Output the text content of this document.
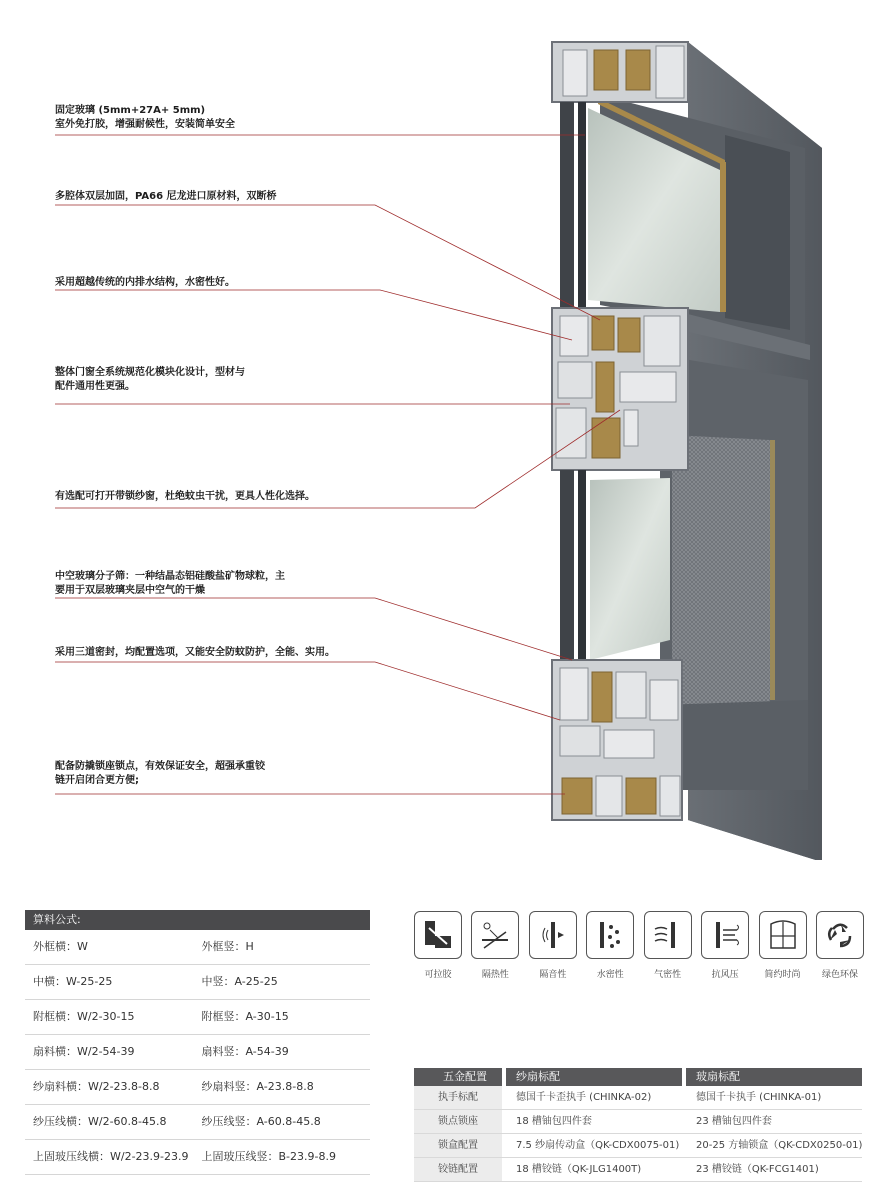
固定玻璃 (5mm+27A+ 5mm)
室外免打胶，增强耐候性，安装简单安全
多腔体双层加固，PA66 尼龙进口原材料，双断桥
采用超越传统的内排水结构，水密性好。
整体门窗全系统规范化模块化设计，型材与
配件通用性更强。
有选配可打开带锁纱窗，杜绝蚊虫干扰，更具人性化选择。
中空玻璃分子筛：一种结晶态铝硅酸盐矿物球粒，主
要用于双层玻璃夹层中空气的干燥
采用三道密封，均配置选项，又能安全防蚊防护，全能、实用。
配备防撬锁座锁点，有效保证安全，超强承重铰
链开启闭合更方便;
算料公式:
外框横：W	外框竖：H
中横：W-25-25	中竖：A-25-25
附框横：W/2-30-15	附框竖：A-30-15
扇料横：W/2-54-39	扇料竖：A-54-39
纱扇料横：W/2-23.8-8.8	纱扇料竖：A-23.8-8.8
纱压线横：W/2-60.8-45.8	纱压线竖：A-60.8-45.8
上固玻压线横：W/2-23.9-23.9	上固玻压线竖：B-23.9-8.9
可拉胶	隔热性	隔音性	水密性	气密性	抗风压	简约时尚	绿色环保
五金配置	纱扇标配	玻扇标配
执手标配	德国千卡歪执手 (CHINKA-02)	德国千卡执手 (CHINKA-01)
锁点锁座	18 槽铀包四件套	23 槽铀包四件套
锁盒配置	7.5 纱扇传动盒（QK-CDX0075-01)	20-25 方轴锁盒（QK-CDX0250-01)
铰链配置	18 槽铰链（QK-JLG1400T)	23 槽铰链（QK-FCG1401)
